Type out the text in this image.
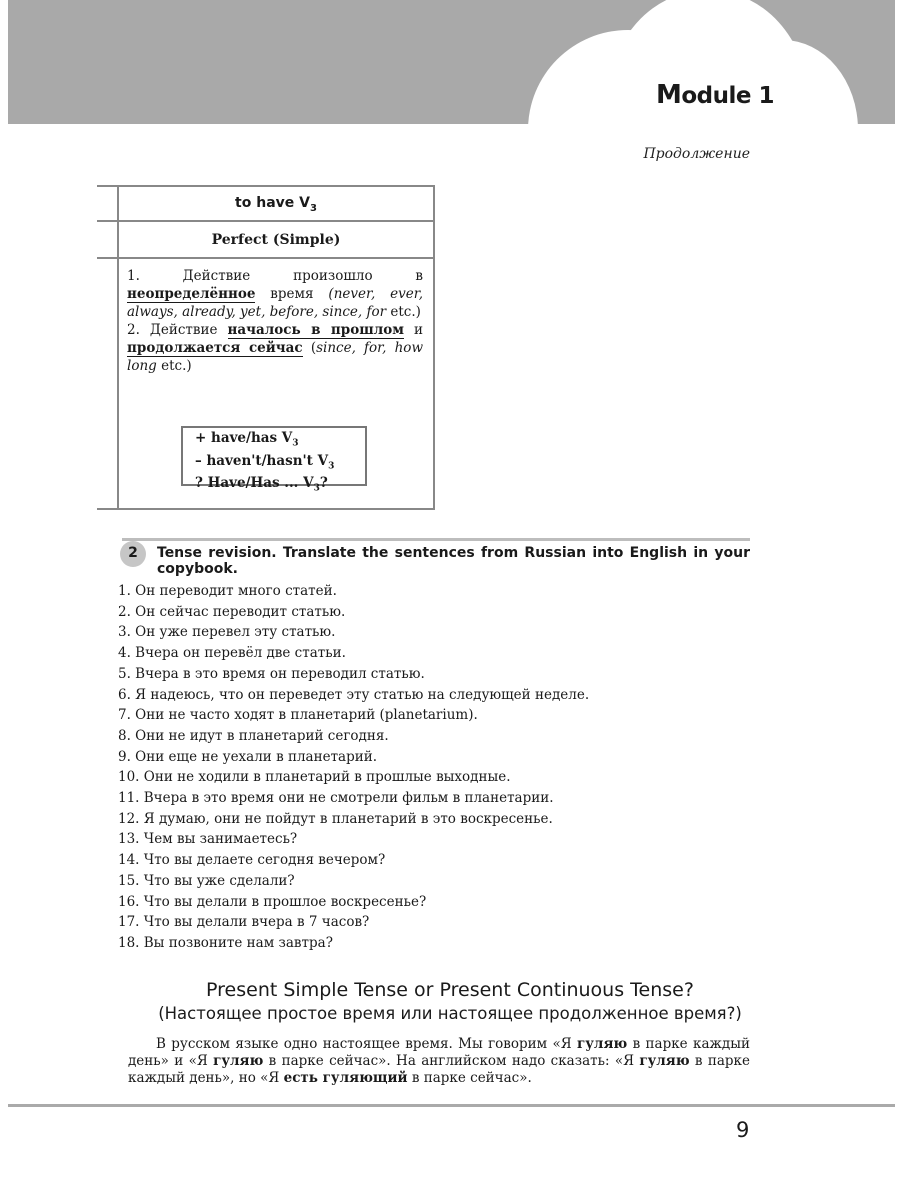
Module 1
Продолжение
to have $V_3$
Perfect (Simple)
1. Действие произошло в неопределённое время (never, ever, always, already, yet, before, since, for etc.)
2. Действие началось в прошлом и продолжается сейчас (since, for, how long etc.)
+ have/has $V_3$
– haven't/hasn't $V_3$
? Have/Has ... $V_3$?
2	Tense revision. Translate the sentences from Russian into English in your copybook.
1. Он переводит много статей.
2. Он сейчас переводит статью.
3. Он уже перевел эту статью.
4. Вчера он перевёл две статьи.
5. Вчера в это время он переводил статью.
6. Я надеюсь, что он переведет эту статью на следующей неделе.
7. Они не часто ходят в планетарий (planetarium).
8. Они не идут в планетарий сегодня.
9. Они еще не уехали в планетарий.
10. Они не ходили в планетарий в прошлые выходные.
11. Вчера в это время они не смотрели фильм в планетарии.
12. Я думаю, они не пойдут в планетарий в это воскресенье.
13. Чем вы занимаетесь?
14. Что вы делаете сегодня вечером?
15. Что вы уже сделали?
16. Что вы делали в прошлое воскресенье?
17. Что вы делали вчера в 7 часов?
18. Вы позвоните нам завтра?
Present Simple Tense or Present Continuous Tense?
(Настоящее простое время или настоящее продолженное время?)
В русском языке одно настоящее время. Мы говорим «Я гуляю в парке каждый день» и «Я гуляю в парке сейчас». На английском надо сказать: «Я гуляю в парке каждый день», но «Я есть гуляющий в парке сейчас».
9
